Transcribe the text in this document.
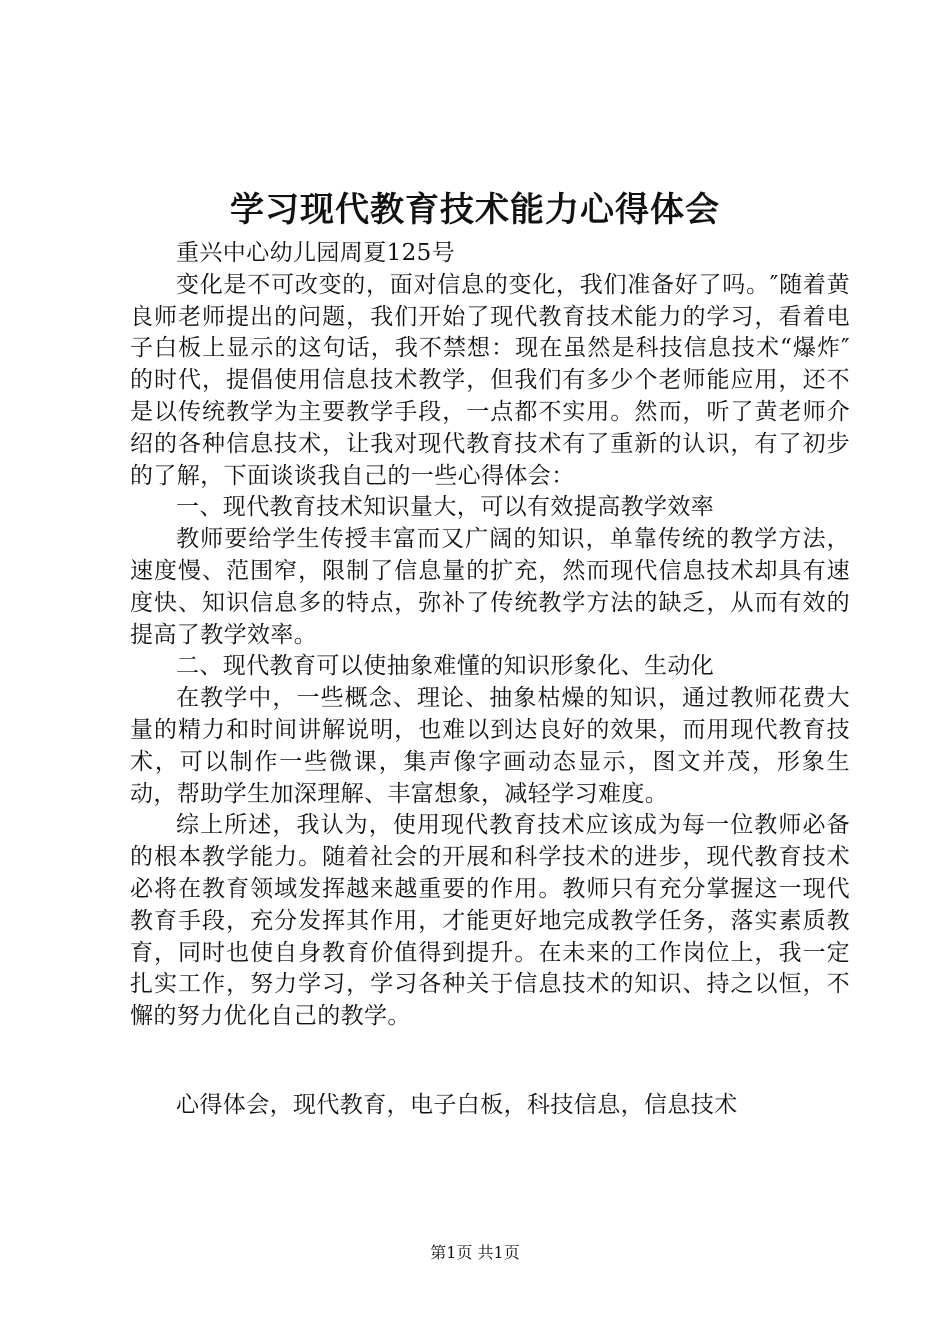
学习现代教育技术能力心得体会

重兴中心幼儿园周夏125号

变化是不可改变的，面对信息的变化，我们准备好了吗。″随着黄良师老师提出的问题，我们开始了现代教育技术能力的学习，看着电子白板上显示的这句话，我不禁想：现在虽然是科技信息技术“爆炸″的时代，提倡使用信息技术教学，但我们有多少个老师能应用，还不是以传统教学为主要教学手段，一点都不实用。然而，听了黄老师介绍的各种信息技术，让我对现代教育技术有了重新的认识，有了初步的了解，下面谈谈我自己的一些心得体会：

一、现代教育技术知识量大，可以有效提高教学效率

教师要给学生传授丰富而又广阔的知识，单靠传统的教学方法，速度慢、范围窄，限制了信息量的扩充，然而现代信息技术却具有速度快、知识信息多的特点，弥补了传统教学方法的缺乏，从而有效的提高了教学效率。

二、现代教育可以使抽象难懂的知识形象化、生动化

在教学中，一些概念、理论、抽象枯燥的知识，通过教师花费大量的精力和时间讲解说明，也难以到达良好的效果，而用现代教育技术，可以制作一些微课，集声像字画动态显示，图文并茂，形象生动，帮助学生加深理解、丰富想象，减轻学习难度。

综上所述，我认为，使用现代教育技术应该成为每一位教师必备的根本教学能力。随着社会的开展和科学技术的进步，现代教育技术必将在教育领域发挥越来越重要的作用。教师只有充分掌握这一现代教育手段，充分发挥其作用，才能更好地完成教学任务，落实素质教育，同时也使自身教育价值得到提升。在未来的工作岗位上，我一定扎实工作，努力学习，学习各种关于信息技术的知识、持之以恒，不懈的努力优化自己的教学。

心得体会，现代教育，电子白板，科技信息，信息技术
第1页 共1页
